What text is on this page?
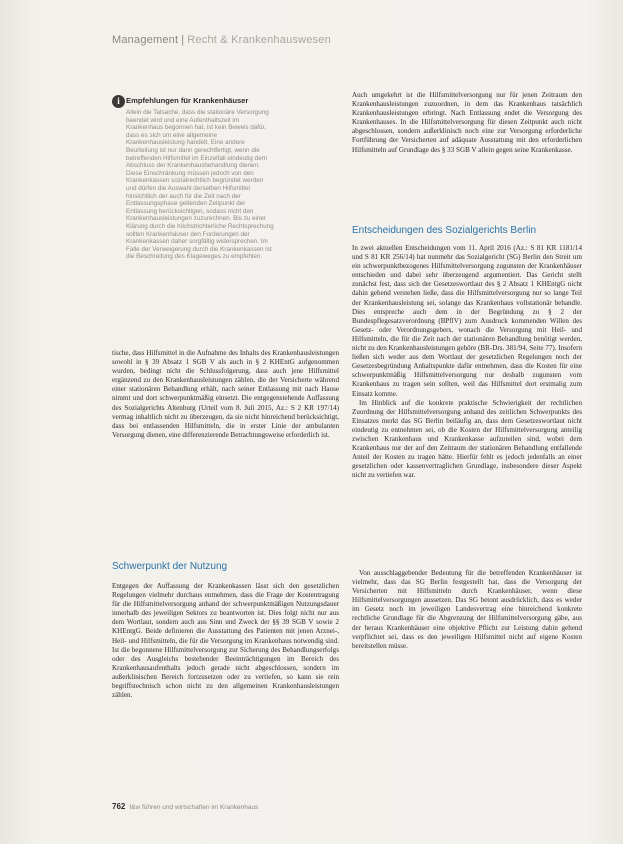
Management | Recht & Krankenhauswesen
i Empfehlungen für Krankenhäuser
Allein die Tatsache, dass die stationäre Versorgung beendet wird und eine Aufenthaltszeit im Krankenhaus begonnen hat, ist kein Beweis dafür, dass es sich um eine allgemeine Krankenhausleistung handelt. Eine andere Beurteilung ist nur dann gerechtfertigt, wenn die betreffenden Hilfsmittel im Einzelfall eindeutig dem Abschluss der Krankenhausbehandlung dienen. Diese Einschränkung müssen jedoch von den Krankenkassen sozialrechtlich begründet werden und dürfen die Auswahl derselben Hilfsmittel hinsichtlich der auch für die Zeit nach der Entlassungsphase geltenden Zeitpunkt der Entlassung berücksichtigen, sodass nicht den Krankenhausleistungen zuzurechnen. Bis zu einer Klärung durch die höchstrichterliche Rechtsprechung sollten Krankenhäuser den Forderungen der Krankenkassen daher sorgfältig widersprechen. Im Falle der Verweigerung durch die Krankenkassen ist die Beschreitung des Klageweges zu empfehlen.

tische, dass Hilfsmittel in die Aufnahme des Inhalts des Krankenhausleistungen sowohl in § 39 Absatz 1 SGB V als auch in § 2 KHEntG aufgenommen wurden, bedingt nicht die Schlussfolgerung, dass auch jene Hilfsmittel ergänzend zu den Krankenhausleistungen zählen, die der Versicherte während einer stationären Behandlung erhält, nach seiner Entlassung mit nach Hause nimmt und dort schwerpunktmäßig einsetzt. Die entgegenstehende Auffassung des Sozialgerichts Altenburg (Urteil vom 8. Juli 2015, Az.: S 2 KR 197/14) vermag inhaltlich nicht zu überzeugen, da sie nicht hinreichend berücksichtigt, dass bei entlassenden Hilfsmitteln, die in erster Linie der ambulanten Versorgung dienen, eine differenzierende Betrachtungsweise erforderlich ist.

Schwerpunkt der Nutzung

Entgegen der Auffassung der Krankenkassen lässt sich den gesetzlichen Regelungen vielmehr durchaus entnehmen, dass die Frage der Kostentragung für die Hilfsmittelversorgung anhand der schwerpunktmäßigen Nutzungsdauer innerhalb des jeweiligen Sektors zu beantworten ist. Dies folgt nicht nur aus dem Wortlaut, sondern auch aus Sinn und Zweck der §§ 39 SGB V sowie 2 KHEntgG. Beide definieren die Ausstattung des Patienten mit jenen Arznei-, Heil- und Hilfsmitteln, die für die Versorgung im Krankenhaus notwendig sind. Ist die begonnene Hilfsmittelversorgung zur Sicherung des Behandlungserfolgs oder des Ausgleichs bestehender Beeinträchtigungen im Bereich des Krankenhausaufenthalts jedoch gerade nicht abgeschlossen, sondern im außerklinischen Bereich fortzusetzen oder zu vertiefen, so kann sie rein begriffstechnisch schon nicht zu den allgemeinen Krankenhausleistungen zählen.

Auch umgekehrt ist die Hilfsmittelversorgung nur für jenen Zeitraum den Krankenhausleistungen zuzuordnen, in dem das Krankenhaus tatsächlich Krankenhausleistungen erbringt. Nach Entlassung endet die Versorgung des Krankenhauses. In die Hilfsmittelversorgung für diesen Zeitpunkt auch nicht abgeschlossen, sondern außerklinisch noch eine zur Versorgung erforderliche Fortführung der Versicherten auf adäquate Ausstattung mit den erforderlichen Hilfsmitteln auf Grundlage des § 33 SGB V allein gegen seine Krankenkasse.

Entscheidungen des Sozialgerichts Berlin

In zwei aktuellen Entscheidungen vom 11. April 2016 (Az.: S 81 KR 1181/14 und S 81 KR 256/14) hat nunmehr das Sozialgericht (SG) Berlin den Streit um ein schwerpunktbezogenes Hilfsmittelversorgung zugunsten der Krankenhäuser entschieden und dabei sehr überzeugend argumentiert. Das Gericht stellt zunächst fest, dass sich der Gesetzeswortlaut des § 2 Absatz 1 KHEntgG nicht dahin gehend verstehen ließe, dass die Hilfsmittelversorgung nur so lange Teil der Krankenhausleistung sei, solange das Krankenhaus vollstationär behandle. Dies entspreche auch dem in der Begründung zu § 2 der Bundespflegesatzverordnung (BPflV) zum Ausdruck kommenden Willen des Gesetz- oder Verordnungsgebers, wonach die Versorgung mit Heil- und Hilfsmitteln, die für die Zeit nach der stationären Behandlung benötigt werden, nicht zu den Krankenhausleistungen gehöre (BR-Drs. 381/94, Seite 77). Insofern ließen sich weder aus dem Wortlaut der gesetzlichen Regelungen noch der Gesetzesbegründung Anhaltspunkte dafür entnehmen, dass die Kosten für eine schwerpunktmäßig Hilfsmittelversorgung nur deshalb zugunsten vom Krankenhaus zu tragen sein sollten, weil das Hilfsmittel dort erstmalig zum Einsatz komme.

Im Hinblick auf die konkrete praktische Schwierigkeit der rechtlichen Zuordnung der Hilfsmittelversorgung anhand des zeitlichen Schwerpunkts des Einsatzes merkt das SG Berlin beiläufig an, dass dem Gesetzeswortlaut nicht eindeutig zu entnehmen sei, ob die Kosten der Hilfsmittelversorgung anteilig zwischen Krankenhaus und Krankenkasse aufzuteilen sind, wobei dem Krankenhaus nur der auf den Zeitraum der stationären Behandlung entfallende Anteil der Kosten zu tragen hätte. Hierfür fehlt es jedoch jedenfalls an einer gesetzlichen oder kassenvertraglichen Grundlage, insbesondere dieser Aspekt nicht zu vertiefen war.

Von ausschlaggebender Bedeutung für die betreffenden Krankenhäuser ist vielmehr, dass das SG Berlin festgestellt hat, dass die Versorgung der Versicherten mit Hilfsmitteln durch Krankenhäuser, wenn diese Hilfsmittelversorgungen aussetzen. Das SG betont ausdrücklich, dass es weder im Gesetz noch im jeweiligen Landesvertrag eine hinreichend konkrete rechtliche Grundlage für die Abgrenzung der Hilfsmittelversorgung gäbe, aus der heraus Krankenhäuser eine objektive Pflicht zur Leistung dahin gehend verpflichtet sei, dass es den jeweiligen Hilfsmittel nicht auf eigene Kosten bereitstellen müsse.

762 f&w führen und wirtschaften im Krankenhaus
